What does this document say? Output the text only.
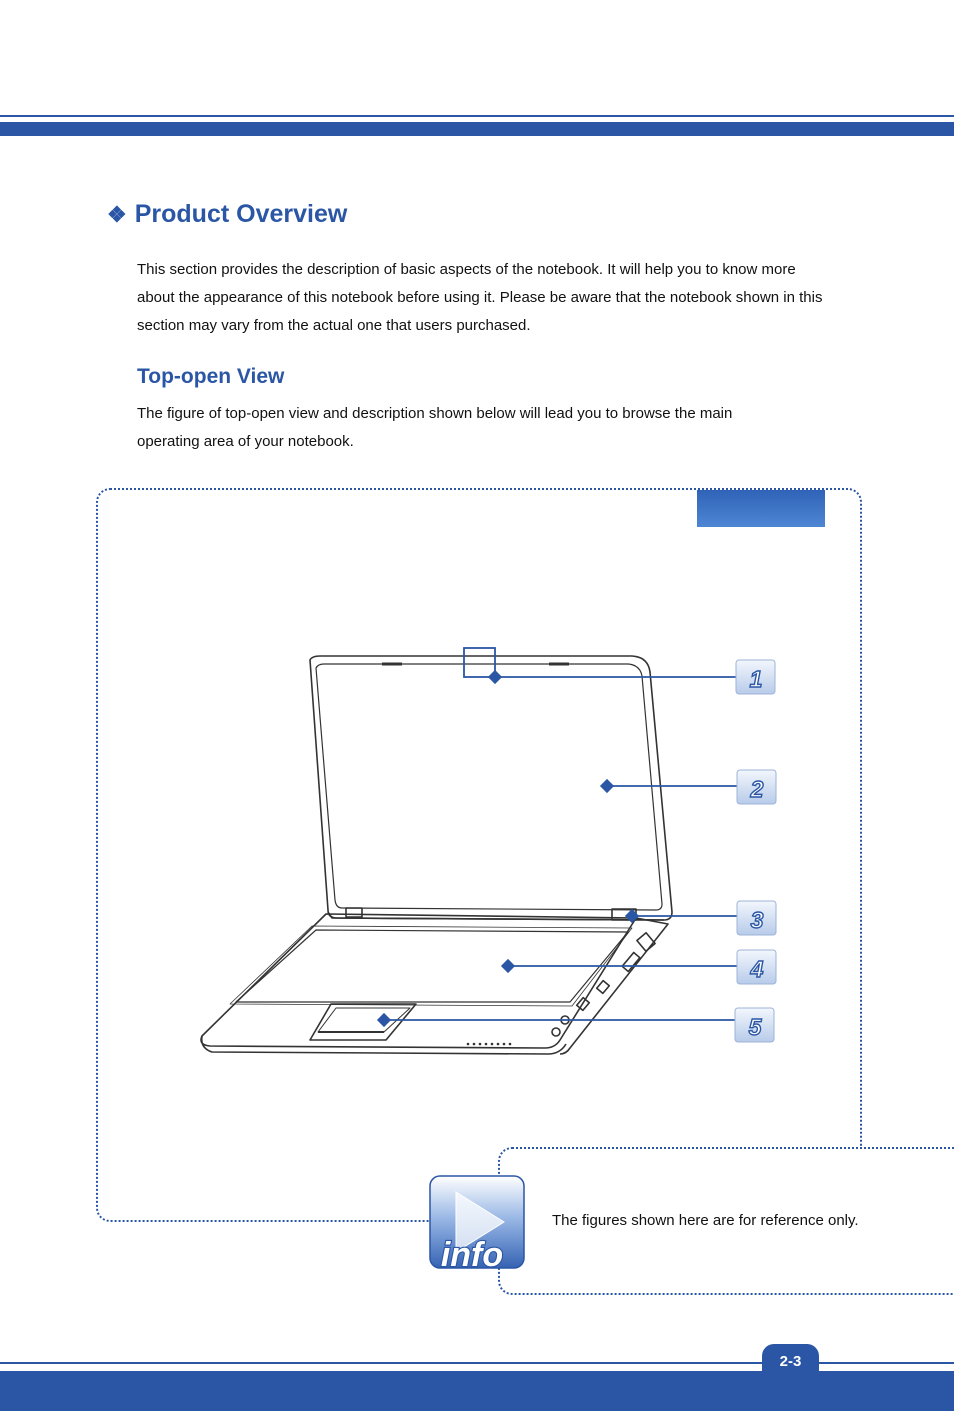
❖ Product Overview
This section provides the description of basic aspects of the notebook. It will help you to know more about the appearance of this notebook before using it. Please be aware that the notebook shown in this section may vary from the actual one that users purchased.
Top-open View
The figure of top-open view and description shown below will lead you to browse the main operating area of your notebook.
1
2
3
4
5
The figures shown here are for reference only.
info
2-3
